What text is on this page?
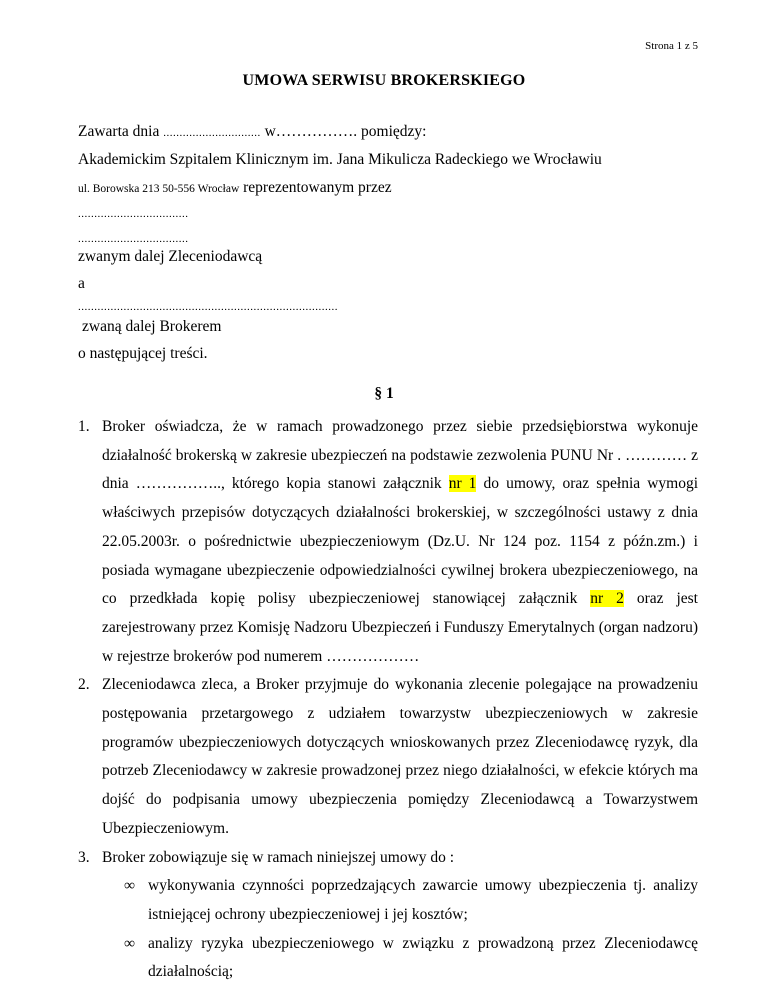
Strona 1 z 5
UMOWA SERWISU BROKERSKIEGO
Zawarta dnia .............................. w……………. pomiędzy:
Akademickim Szpitalem Klinicznym im. Jana Mikulicza Radeckiego we Wrocławiu
ul. Borowska 213 50-556 Wrocław reprezentowanym przez
..................................
..................................
zwanym dalej Zleceniodawcą
a
................................................................................
zwaną dalej Brokerem
o następującej treści.
§ 1
1. Broker oświadcza, że w ramach prowadzonego przez siebie przedsiębiorstwa wykonuje działalność brokerską w zakresie ubezpieczeń na podstawie zezwolenia PUNU Nr . ………… z dnia …………….., którego kopia stanowi załącznik nr 1 do umowy, oraz spełnia wymogi właściwych przepisów dotyczących działalności brokerskiej, w szczególności ustawy z dnia 22.05.2003r. o pośrednictwie ubezpieczeniowym (Dz.U. Nr 124 poz. 1154 z późn.zm.) i posiada wymagane ubezpieczenie odpowiedzialności cywilnej brokera ubezpieczeniowego, na co przedkłada kopię polisy ubezpieczeniowej stanowiącej załącznik nr 2 oraz jest zarejestrowany przez Komisję Nadzoru Ubezpieczeń i Funduszy Emerytalnych (organ nadzoru) w rejestrze brokerów pod numerem ………………
2. Zleceniodawca zleca, a Broker przyjmuje do wykonania zlecenie polegające na prowadzeniu postępowania przetargowego z udziałem towarzystw ubezpieczeniowych w zakresie programów ubezpieczeniowych dotyczących wnioskowanych przez Zleceniodawcę ryzyk, dla potrzeb Zleceniodawcy w zakresie prowadzonej przez niego działalności, w efekcie których ma dojść do podpisania umowy ubezpieczenia pomiędzy Zleceniodawcą a Towarzystwem Ubezpieczeniowym.
3. Broker zobowiązuje się w ramach niniejszej umowy do :
∞ wykonywania czynności poprzedzających zawarcie umowy ubezpieczenia tj. analizy istniejącej ochrony ubezpieczeniowej i jej kosztów;
∞ analizy ryzyka ubezpieczeniowego w związku z prowadzoną przez Zleceniodawcę działalnością;
